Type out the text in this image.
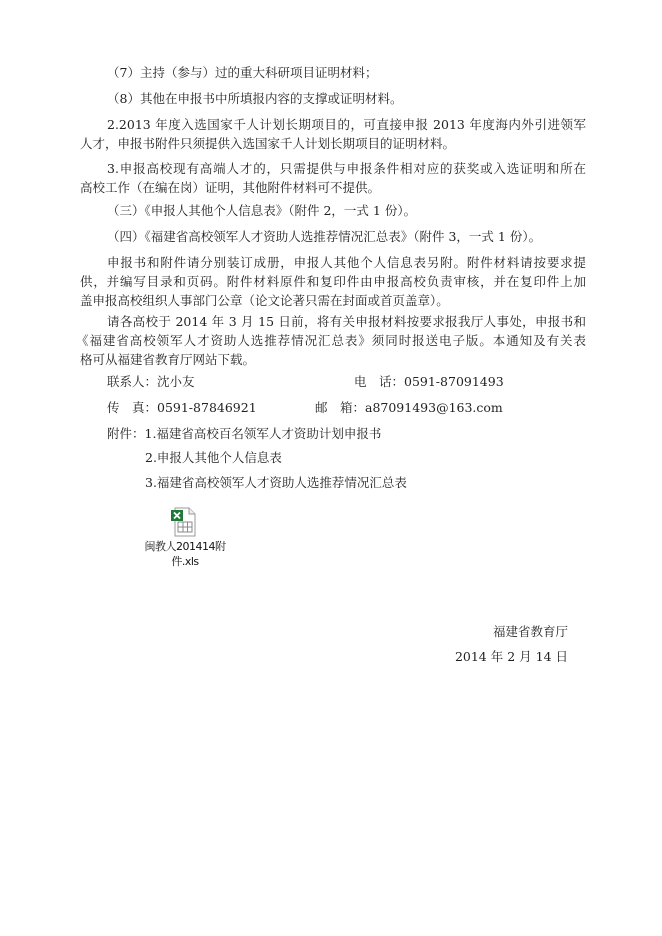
（7）主持（参与）过的重大科研项目证明材料；
（8）其他在申报书中所填报内容的支撑或证明材料。
2.2013 年度入选国家千人计划长期项目的，可直接申报 2013 年度海内外引进领军
人才，申报书附件只须提供入选国家千人计划长期项目的证明材料。
3.申报高校现有高端人才的，只需提供与申报条件相对应的获奖或入选证明和所在
高校工作（在编在岗）证明，其他附件材料可不提供。
（三）《申报人其他个人信息表》（附件 2，一式 1 份）。
（四）《福建省高校领军人才资助人选推荐情况汇总表》（附件 3，一式 1 份）。
申报书和附件请分别装订成册，申报人其他个人信息表另附。附件材料请按要求提
供，并编写目录和页码。附件材料原件和复印件由申报高校负责审核，并在复印件上加
盖申报高校组织人事部门公章（论文论著只需在封面或首页盖章）。
请各高校于 2014 年 3 月 15 日前，将有关申报材料按要求报我厅人事处，申报书和
《福建省高校领军人才资助人选推荐情况汇总表》须同时报送电子版。本通知及有关表
格可从福建省教育厅网站下载。
联系人：沈小友	电　话：0591-87091493
传　真：0591-87846921	邮　箱：a87091493@163.com
附件：1.福建省高校百名领军人才资助计划申报书
2.申报人其他个人信息表
3.福建省高校领军人才资助人选推荐情况汇总表
闽教人201414附
件.xls
福建省教育厅
2014 年 2 月 14 日
